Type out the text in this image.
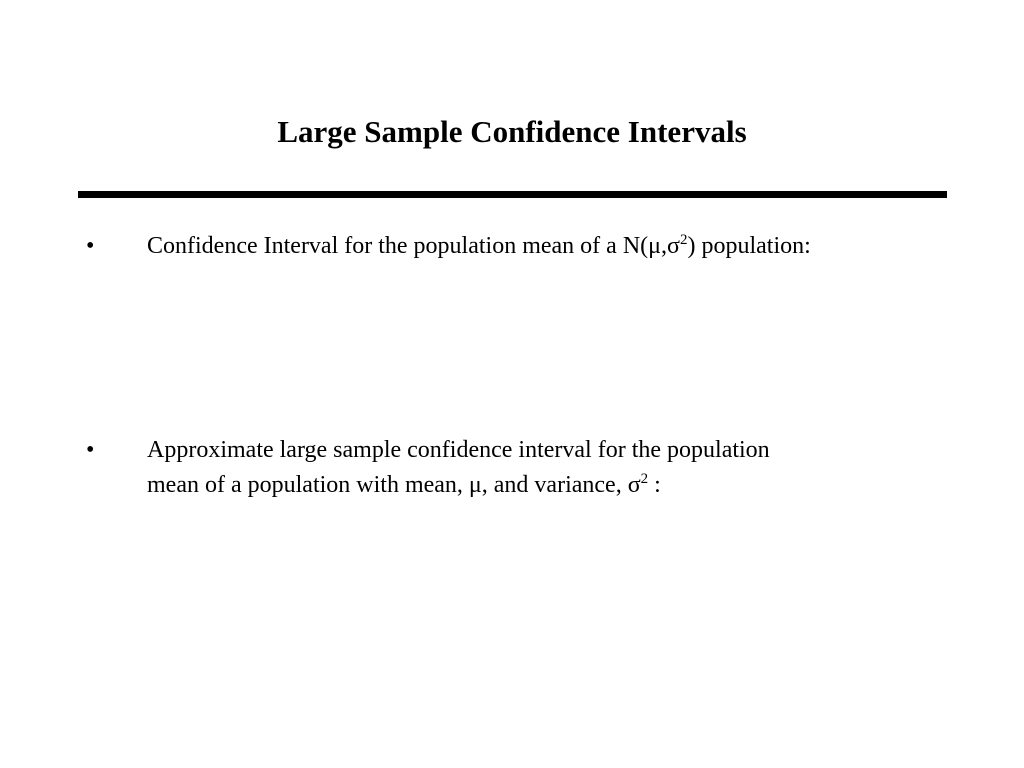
Large Sample Confidence Intervals
•	Confidence Interval for the population mean of a $N(\mu,\sigma^2)$ population:
•	Approximate large sample confidence interval for the population
mean of a population with mean, μ, and variance, $\sigma^2$ :
